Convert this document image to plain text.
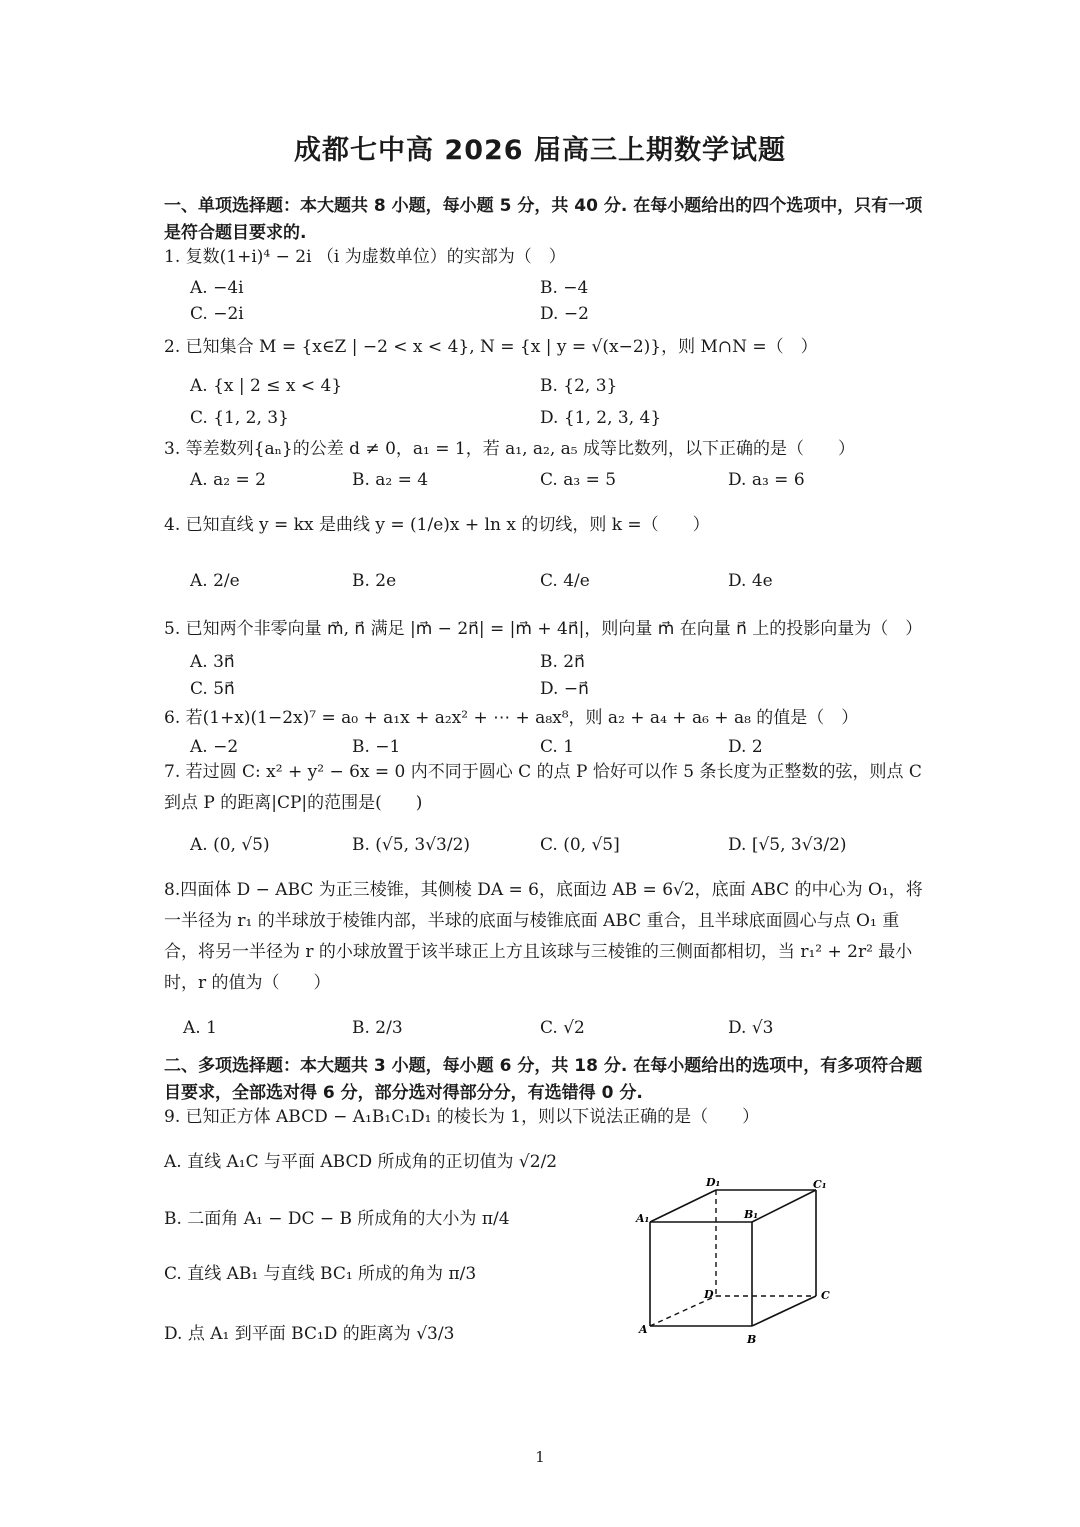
成都七中高 2026 届高三上期数学试题
一、单项选择题：本大题共 8 小题，每小题 5 分，共 40 分. 在每小题给出的四个选项中，只有一项是符合题目要求的.
1. 复数(1+i)⁴ − 2i （i 为虚数单位）的实部为（　）
A. −4i	B. −4
C. −2i	D. −2
2. 已知集合 M = {x∈Z | −2 < x < 4}, N = {x | y = √(x−2)}，则 M∩N =（　）
A. {x | 2 ≤ x < 4}	B. {2, 3}
C. {1, 2, 3}	D. {1, 2, 3, 4}
3. 等差数列{aₙ}的公差 d ≠ 0，a₁ = 1，若 a₁, a₂, a₅ 成等比数列，以下正确的是（　　）
A. a₂ = 2	B. a₂ = 4	C. a₃ = 5	D. a₃ = 6
4. 已知直线 y = kx 是曲线 y = (1/e)x + ln x 的切线，则 k =（　　）
A. 2/e	B. 2e	C. 4/e	D. 4e
5. 已知两个非零向量 m⃗, n⃗ 满足 |m⃗ − 2n⃗| = |m⃗ + 4n⃗|，则向量 m⃗ 在向量 n⃗ 上的投影向量为（　）
A. 3n⃗	B. 2n⃗
C. 5n⃗	D. −n⃗
6. 若(1+x)(1−2x)⁷ = a₀ + a₁x + a₂x² + ⋯ + a₈x⁸，则 a₂ + a₄ + a₆ + a₈ 的值是（　）
A. −2	B. −1	C. 1	D. 2
7. 若过圆 C: x² + y² − 6x = 0 内不同于圆心 C 的点 P 恰好可以作 5 条长度为正整数的弦，则点 C 到点 P 的距离|CP|的范围是(　　)
A. (0, √5)	B. (√5, 3√3/2)	C. (0, √5]	D. [√5, 3√3/2)
8.四面体 D − ABC 为正三棱锥，其侧棱 DA = 6，底面边 AB = 6√2，底面 ABC 的中心为 O₁，将一半径为 r₁ 的半球放于棱锥内部，半球的底面与棱锥底面 ABC 重合，且半球底面圆心与点 O₁ 重合，将另一半径为 r 的小球放置于该半球正上方且该球与三棱锥的三侧面都相切，当 r₁² + 2r² 最小时，r 的值为（　　）
A. 1	B. 2/3	C. √2	D. √3
二、多项选择题：本大题共 3 小题，每小题 6 分，共 18 分. 在每小题给出的选项中，有多项符合题目要求，全部选对得 6 分，部分选对得部分分，有选错得 0 分.
9. 已知正方体 ABCD − A₁B₁C₁D₁ 的棱长为 1，则以下说法正确的是（　　）
A. 直线 A₁C 与平面 ABCD 所成角的正切值为 √2/2
B. 二面角 A₁ − DC − B 所成角的大小为 π/4
C. 直线 AB₁ 与直线 BC₁ 所成的角为 π/3
D. 点 A₁ 到平面 BC₁D 的距离为 √3/3
D₁	C₁
A₁	B₁
D	C
A
B
1
